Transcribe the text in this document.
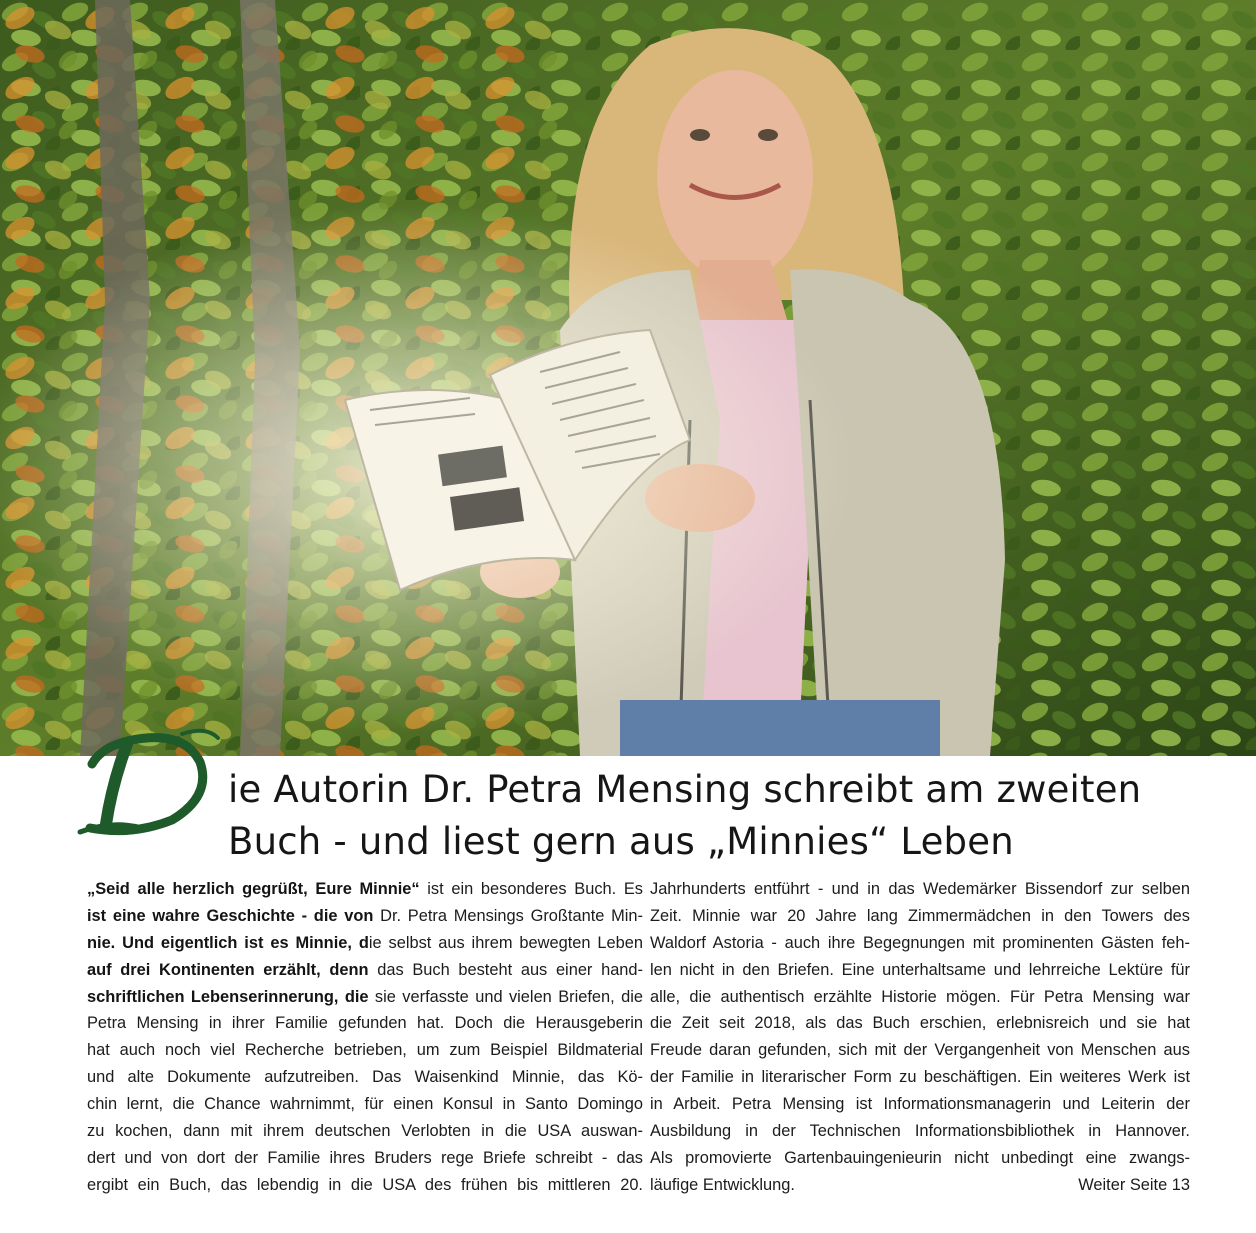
ie Autorin Dr. Petra Mensing schreibt am zweiten
Buch - und liest gern aus „Minnies“ Leben
„Seid alle herzlich gegrüßt, Eure Minnie“ ist ein besonderes Buch. Es
ist eine wahre Geschichte - die von Dr. Petra Mensings Großtante Min-
nie. Und eigentlich ist es Minnie, die selbst aus ihrem bewegten Leben
auf drei Kontinenten erzählt, denn das Buch besteht aus einer hand-
schriftlichen Lebenserinnerung, die sie verfasste und vielen Briefen, die
Petra Mensing in ihrer Familie gefunden hat. Doch die Herausgeberin
hat auch noch viel Recherche betrieben, um zum Beispiel Bildmaterial
und alte Dokumente aufzutreiben. Das Waisenkind Minnie, das Kö-
chin lernt, die Chance wahrnimmt, für einen Konsul in Santo Domingo
zu kochen, dann mit ihrem deutschen Verlobten in die USA auswan-
dert und von dort der Familie ihres Bruders rege Briefe schreibt - das
ergibt ein Buch, das lebendig in die USA des frühen bis mittleren 20.
Jahrhunderts entführt - und in das Wedemärker Bissendorf zur selben
Zeit. Minnie war 20 Jahre lang Zimmermädchen in den Towers des
Waldorf Astoria - auch ihre Begegnungen mit prominenten Gästen feh-
len nicht in den Briefen. Eine unterhaltsame und lehrreiche Lektüre für
alle, die authentisch erzählte Historie mögen. Für Petra Mensing war
die Zeit seit 2018, als das Buch erschien, erlebnisreich und sie hat
Freude daran gefunden, sich mit der Vergangenheit von Menschen aus
der Familie in literarischer Form zu beschäftigen. Ein weiteres Werk ist
in Arbeit. Petra Mensing ist Informationsmanagerin und Leiterin der
Ausbildung in der Technischen Informationsbibliothek in Hannover.
Als promovierte Gartenbauingenieurin nicht unbedingt eine zwangs-
läufige Entwicklung.	Weiter Seite 13
